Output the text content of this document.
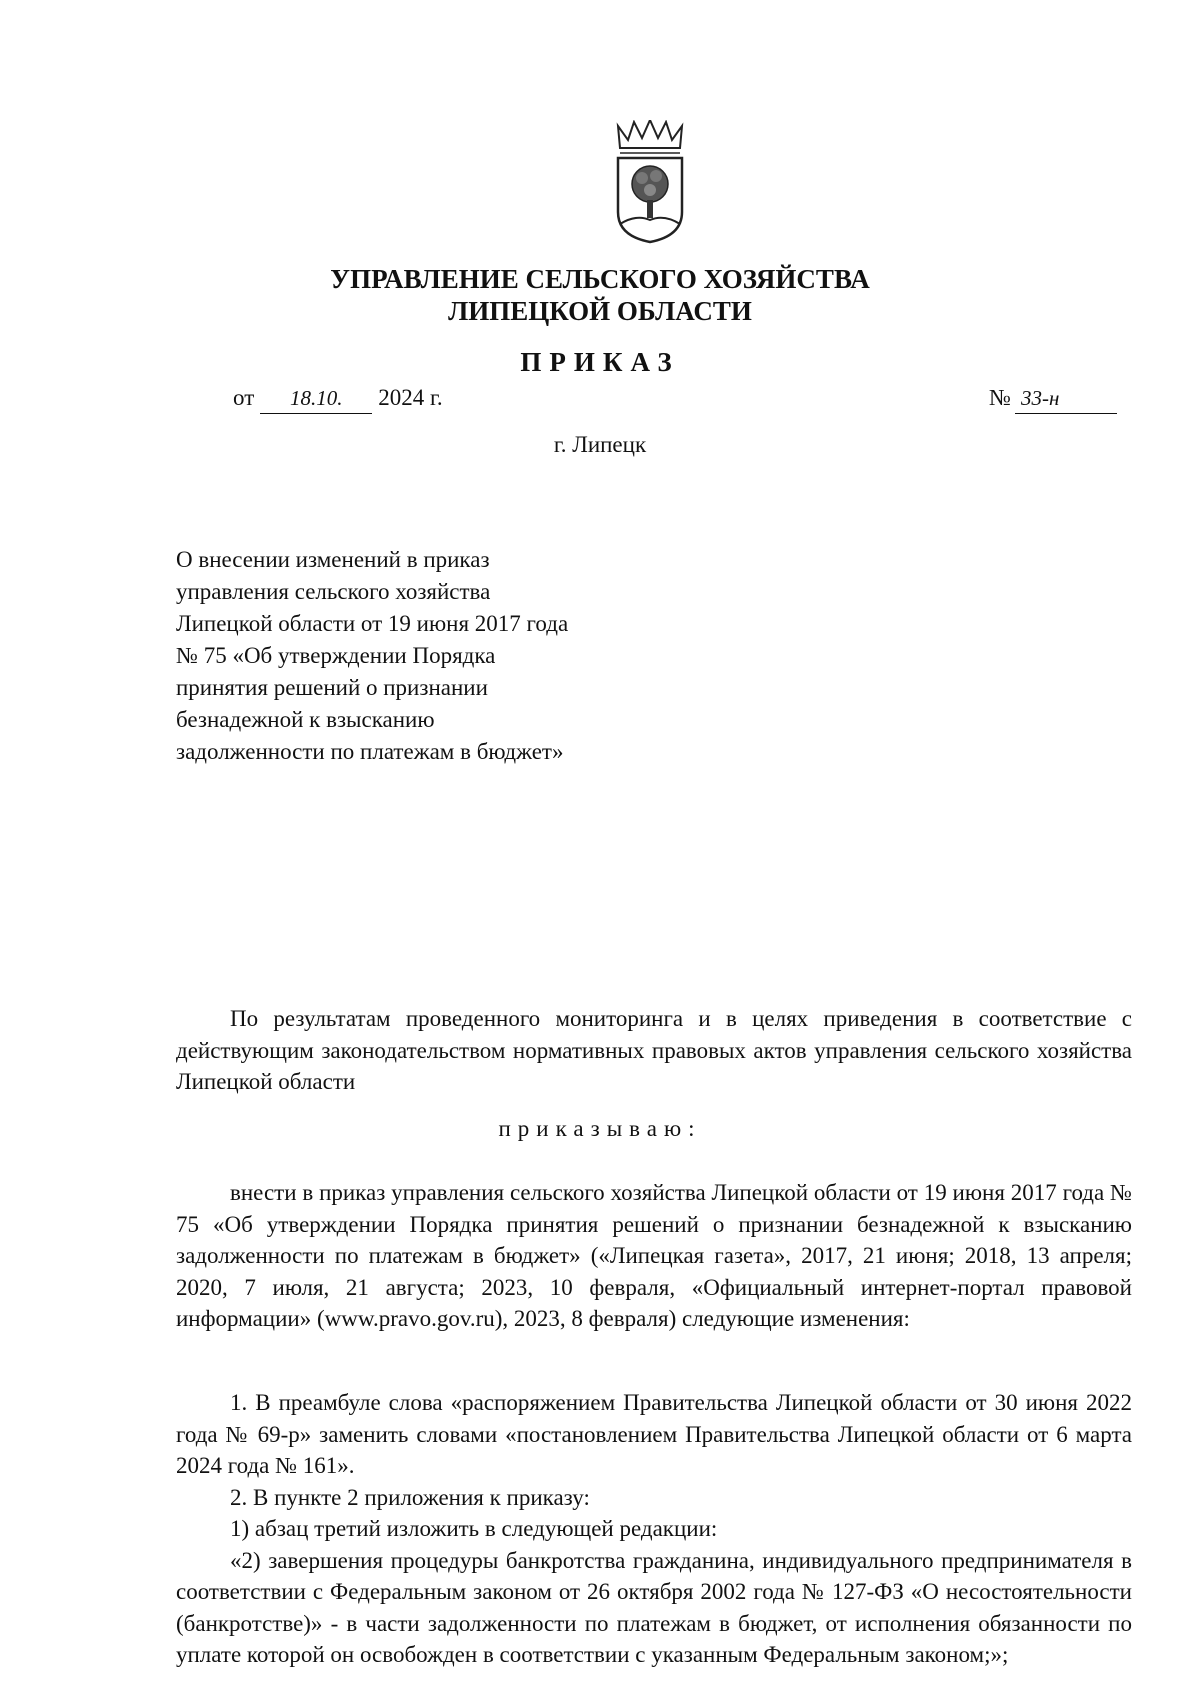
УПРАВЛЕНИЕ СЕЛЬСКОГО ХОЗЯЙСТВА
ЛИПЕЦКОЙ ОБЛАСТИ
ПРИКАЗ
от 18.10. 2024 г.	№ 33-н
г. Липецк
О внесении изменений в приказ
управления сельского хозяйства
Липецкой области от 19 июня 2017 года
№ 75 «Об утверждении Порядка
принятия решений о признании
безнадежной к взысканию
задолженности по платежам в бюджет»
По результатам проведенного мониторинга и в целях приведения в соответствие с действующим законодательством нормативных правовых актов управления сельского хозяйства Липецкой области
приказываю:
внести в приказ управления сельского хозяйства Липецкой области от 19 июня 2017 года № 75 «Об утверждении Порядка принятия решений о признании безнадежной к взысканию задолженности по платежам в бюджет» («Липецкая газета», 2017, 21 июня; 2018, 13 апреля; 2020, 7 июля, 21 августа; 2023, 10 февраля, «Официальный интернет-портал правовой информации» (www.pravo.gov.ru), 2023, 8 февраля) следующие изменения:
1. В преамбуле слова «распоряжением Правительства Липецкой области от 30 июня 2022 года № 69-р» заменить словами «постановлением Правительства Липецкой области от 6 марта 2024 года № 161».
2. В пункте 2 приложения к приказу:
1) абзац третий изложить в следующей редакции:
«2) завершения процедуры банкротства гражданина, индивидуального предпринимателя в соответствии с Федеральным законом от 26 октября 2002 года № 127-ФЗ «О несостоятельности (банкротстве)» - в части задолженности по платежам в бюджет, от исполнения обязанности по уплате которой он освобожден в соответствии с указанным Федеральным законом;»;
